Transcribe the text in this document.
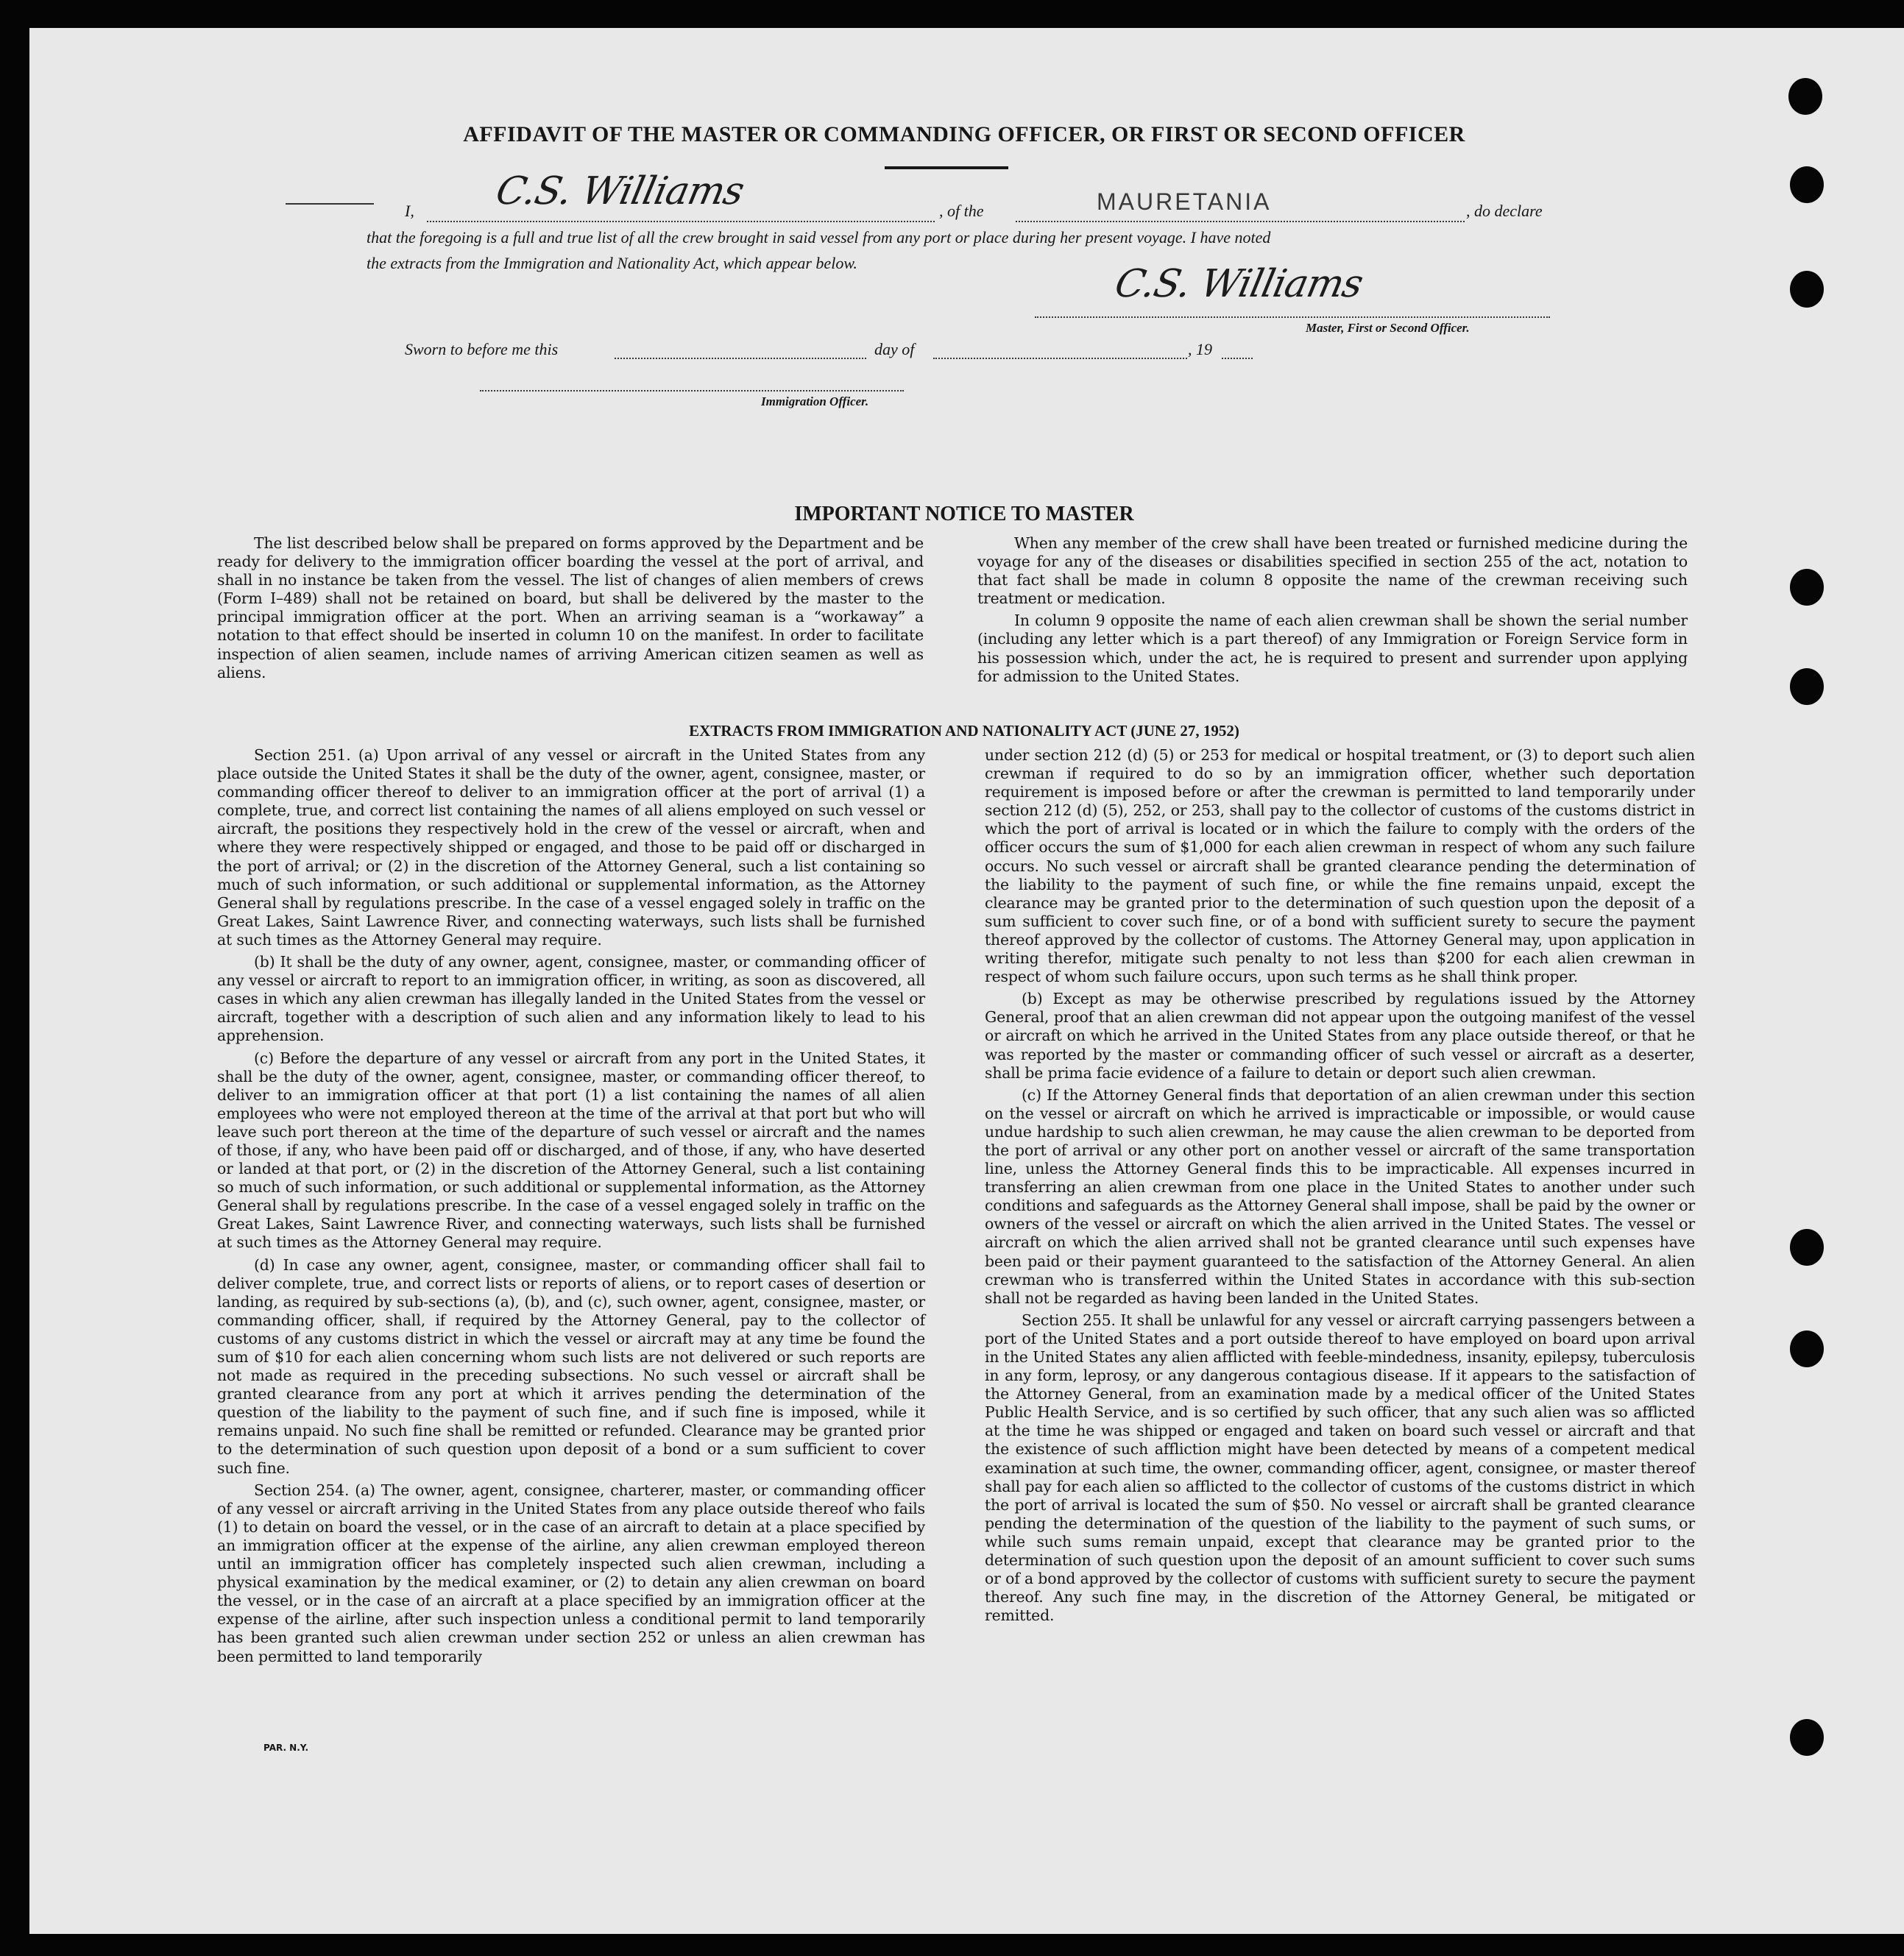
AFFIDAVIT OF THE MASTER OR COMMANDING OFFICER, OR FIRST OR SECOND OFFICER
I, C.S. Williams	, of the	MAURETANIA	, do declare
that the foregoing is a full and true list of all the crew brought in said vessel from any port or place during her present voyage. I have noted
the extracts from the Immigration and Nationality Act, which appear below.	C.S. Williams
Master, First or Second Officer.
Sworn to before me this	day of	, 19
Immigration Officer.
IMPORTANT NOTICE TO MASTER

The list described below shall be prepared on forms approved by the Department and be ready for delivery to the immigration officer boarding the vessel at the port of arrival, and shall in no instance be taken from the vessel. The list of changes of alien members of crews (Form I–489) shall not be retained on board, but shall be delivered by the master to the principal immigration officer at the port. When an arriving seaman is a “workaway” a notation to that effect should be inserted in column 10 on the manifest. In order to facilitate inspection of alien seamen, include names of arriving American citizen seamen as well as aliens.

When any member of the crew shall have been treated or furnished medicine during the voyage for any of the diseases or disabilities specified in section 255 of the act, notation to that fact shall be made in column 8 opposite the name of the crewman receiving such treatment or medication.

In column 9 opposite the name of each alien crewman shall be shown the serial number (including any letter which is a part thereof) of any Immigration or Foreign Service form in his possession which, under the act, he is required to present and surrender upon applying for admission to the United States.

EXTRACTS FROM IMMIGRATION AND NATIONALITY ACT (JUNE 27, 1952)

Section 251. (a) Upon arrival of any vessel or aircraft in the United States from any place outside the United States it shall be the duty of the owner, agent, consignee, master, or commanding officer thereof to deliver to an immigration officer at the port of arrival (1) a complete, true, and correct list containing the names of all aliens employed on such vessel or aircraft, the positions they respectively hold in the crew of the vessel or aircraft, when and where they were respectively shipped or engaged, and those to be paid off or discharged in the port of arrival; or (2) in the discretion of the Attorney General, such a list containing so much of such information, or such additional or supplemental information, as the Attorney General shall by regulations prescribe. In the case of a vessel engaged solely in traffic on the Great Lakes, Saint Lawrence River, and connecting waterways, such lists shall be furnished at such times as the Attorney General may require.

(b) It shall be the duty of any owner, agent, consignee, master, or commanding officer of any vessel or aircraft to report to an immigration officer, in writing, as soon as discovered, all cases in which any alien crewman has illegally landed in the United States from the vessel or aircraft, together with a description of such alien and any information likely to lead to his apprehension.

(c) Before the departure of any vessel or aircraft from any port in the United States, it shall be the duty of the owner, agent, consignee, master, or commanding officer thereof, to deliver to an immigration officer at that port (1) a list containing the names of all alien employees who were not employed thereon at the time of the arrival at that port but who will leave such port thereon at the time of the departure of such vessel or aircraft and the names of those, if any, who have been paid off or discharged, and of those, if any, who have deserted or landed at that port, or (2) in the discretion of the Attorney General, such a list containing so much of such information, or such additional or supplemental information, as the Attorney General shall by regulations prescribe. In the case of a vessel engaged solely in traffic on the Great Lakes, Saint Lawrence River, and connecting waterways, such lists shall be furnished at such times as the Attorney General may require.

(d) In case any owner, agent, consignee, master, or commanding officer shall fail to deliver complete, true, and correct lists or reports of aliens, or to report cases of desertion or landing, as required by sub-sections (a), (b), and (c), such owner, agent, consignee, master, or commanding officer, shall, if required by the Attorney General, pay to the collector of customs of any customs district in which the vessel or aircraft may at any time be found the sum of $10 for each alien concerning whom such lists are not delivered or such reports are not made as required in the preceding subsections. No such vessel or aircraft shall be granted clearance from any port at which it arrives pending the determination of the question of the liability to the payment of such fine, and if such fine is imposed, while it remains unpaid. No such fine shall be remitted or refunded. Clearance may be granted prior to the determination of such question upon deposit of a bond or a sum sufficient to cover such fine.

Section 254. (a) The owner, agent, consignee, charterer, master, or commanding officer of any vessel or aircraft arriving in the United States from any place outside thereof who fails (1) to detain on board the vessel, or in the case of an aircraft to detain at a place specified by an immigration officer at the expense of the airline, any alien crewman employed thereon until an immigration officer has completely inspected such alien crewman, including a physical examination by the medical examiner, or (2) to detain any alien crewman on board the vessel, or in the case of an aircraft at a place specified by an immigration officer at the expense of the airline, after such inspection unless a conditional permit to land temporarily has been granted such alien crewman under section 252 or unless an alien crewman has been permitted to land temporarily

under section 212 (d) (5) or 253 for medical or hospital treatment, or (3) to deport such alien crewman if required to do so by an immigration officer, whether such deportation requirement is imposed before or after the crewman is permitted to land temporarily under section 212 (d) (5), 252, or 253, shall pay to the collector of customs of the customs district in which the port of arrival is located or in which the failure to comply with the orders of the officer occurs the sum of $1,000 for each alien crewman in respect of whom any such failure occurs. No such vessel or aircraft shall be granted clearance pending the determination of the liability to the payment of such fine, or while the fine remains unpaid, except the clearance may be granted prior to the determination of such question upon the deposit of a sum sufficient to cover such fine, or of a bond with sufficient surety to secure the payment thereof approved by the collector of customs. The Attorney General may, upon application in writing therefor, mitigate such penalty to not less than $200 for each alien crewman in respect of whom such failure occurs, upon such terms as he shall think proper.

(b) Except as may be otherwise prescribed by regulations issued by the Attorney General, proof that an alien crewman did not appear upon the outgoing manifest of the vessel or aircraft on which he arrived in the United States from any place outside thereof, or that he was reported by the master or commanding officer of such vessel or aircraft as a deserter, shall be prima facie evidence of a failure to detain or deport such alien crewman.

(c) If the Attorney General finds that deportation of an alien crewman under this section on the vessel or aircraft on which he arrived is impracticable or impossible, or would cause undue hardship to such alien crewman, he may cause the alien crewman to be deported from the port of arrival or any other port on another vessel or aircraft of the same transportation line, unless the Attorney General finds this to be impracticable. All expenses incurred in transferring an alien crewman from one place in the United States to another under such conditions and safeguards as the Attorney General shall impose, shall be paid by the owner or owners of the vessel or aircraft on which the alien arrived in the United States. The vessel or aircraft on which the alien arrived shall not be granted clearance until such expenses have been paid or their payment guaranteed to the satisfaction of the Attorney General. An alien crewman who is transferred within the United States in accordance with this sub-section shall not be regarded as having been landed in the United States.

Section 255. It shall be unlawful for any vessel or aircraft carrying passengers between a port of the United States and a port outside thereof to have employed on board upon arrival in the United States any alien afflicted with feeble-mindedness, insanity, epilepsy, tuberculosis in any form, leprosy, or any dangerous contagious disease. If it appears to the satisfaction of the Attorney General, from an examination made by a medical officer of the United States Public Health Service, and is so certified by such officer, that any such alien was so afflicted at the time he was shipped or engaged and taken on board such vessel or aircraft and that the existence of such affliction might have been detected by means of a competent medical examination at such time, the owner, commanding officer, agent, consignee, or master thereof shall pay for each alien so afflicted to the collector of customs of the customs district in which the port of arrival is located the sum of $50. No vessel or aircraft shall be granted clearance pending the determination of the question of the liability to the payment of such sums, or while such sums remain unpaid, except that clearance may be granted prior to the determination of such question upon the deposit of an amount sufficient to cover such sums or of a bond approved by the collector of customs with sufficient surety to secure the payment thereof. Any such fine may, in the discretion of the Attorney General, be mitigated or remitted.

PAR. N.Y.
